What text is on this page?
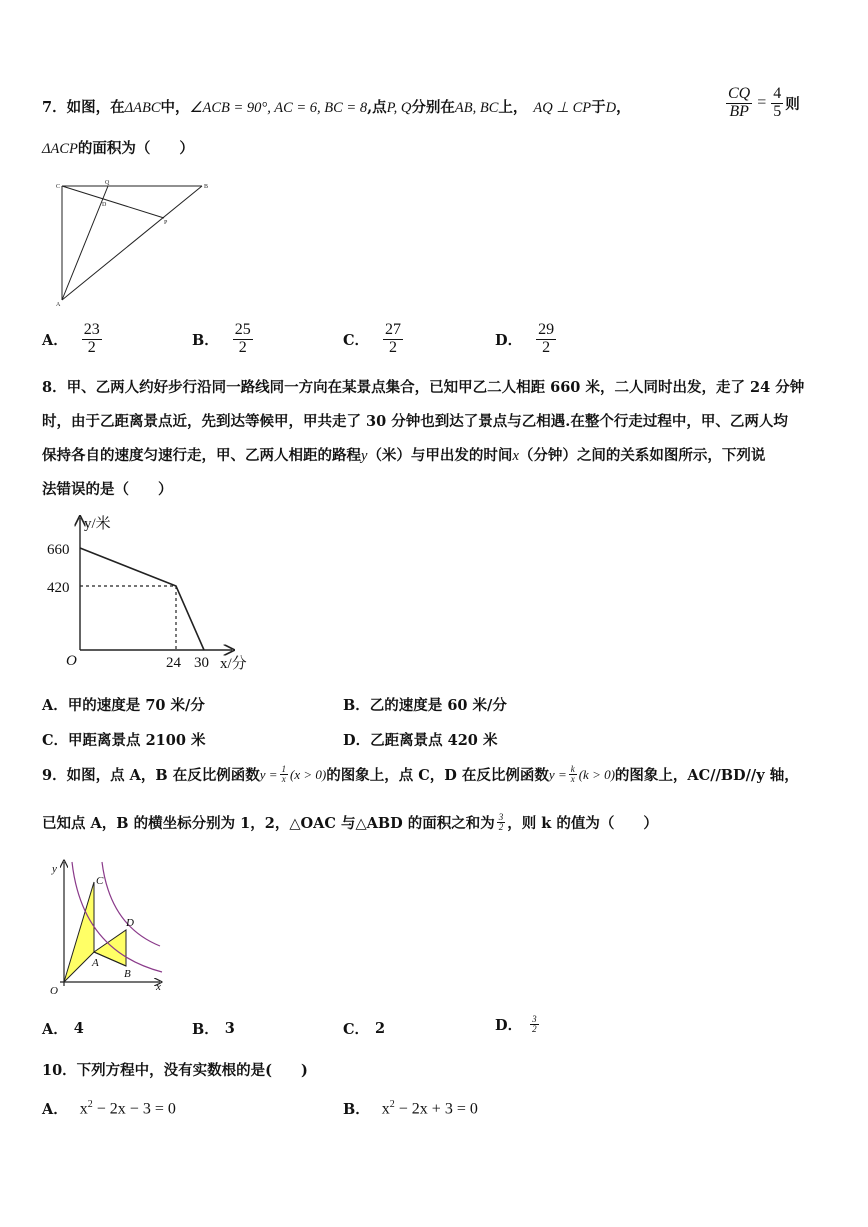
7．如图，在ΔABC中，∠ACB = 90°, AC = 6, BC = 8,点P, Q分别在AB, BC上， AQ ⊥ CP于D，	$\frac{CQ}{BP} = \frac{4}{5}$ 则
ΔACP的面积为（　　）
C
Q
B
D
P
A
A． $\frac{23}{2}$	B． $\frac{25}{2}$	C． $\frac{27}{2}$	D． $\frac{29}{2}$
8．甲、乙两人约好步行沿同一路线同一方向在某景点集合，已知甲乙二人相距 660 米，二人同时出发，走了 24 分钟
时，由于乙距离景点近，先到达等候甲，甲共走了 30 分钟也到达了景点与乙相遇.在整个行走过程中，甲、乙两人均
保持各自的速度匀速行走，甲、乙两人相距的路程y（米）与甲出发的时间x（分钟）之间的关系如图所示，下列说
法错误的是（　　）
y/米
660
420
O	24 30 x/分
A． 甲的速度是 70 米/分	B． 乙的速度是 60 米/分
C． 甲距离景点 2100 米	D． 乙距离景点 420 米
9．如图，点 A，B 在反比例函数 $y = \frac{1}{x} (x > 0)$ 的图象上，点 C，D 在反比例函数 $y = \frac{k}{x} (k > 0)$ 的图象上，AC//BD//y 轴，
已知点 A，B 的横坐标分别为 1，2，△OAC 与△ABD 的面积之和为 $\frac{3}{2}$ ，则 k 的值为（　　）
y
x
O
C
D
A
B
A． 4	B． 3	C． 2	D． $\frac{3}{2}$
10．下列方程中，没有实数根的是(　　)
A． $x^2 - 2x - 3 = 0$	B． $x^2 - 2x + 3 = 0$
